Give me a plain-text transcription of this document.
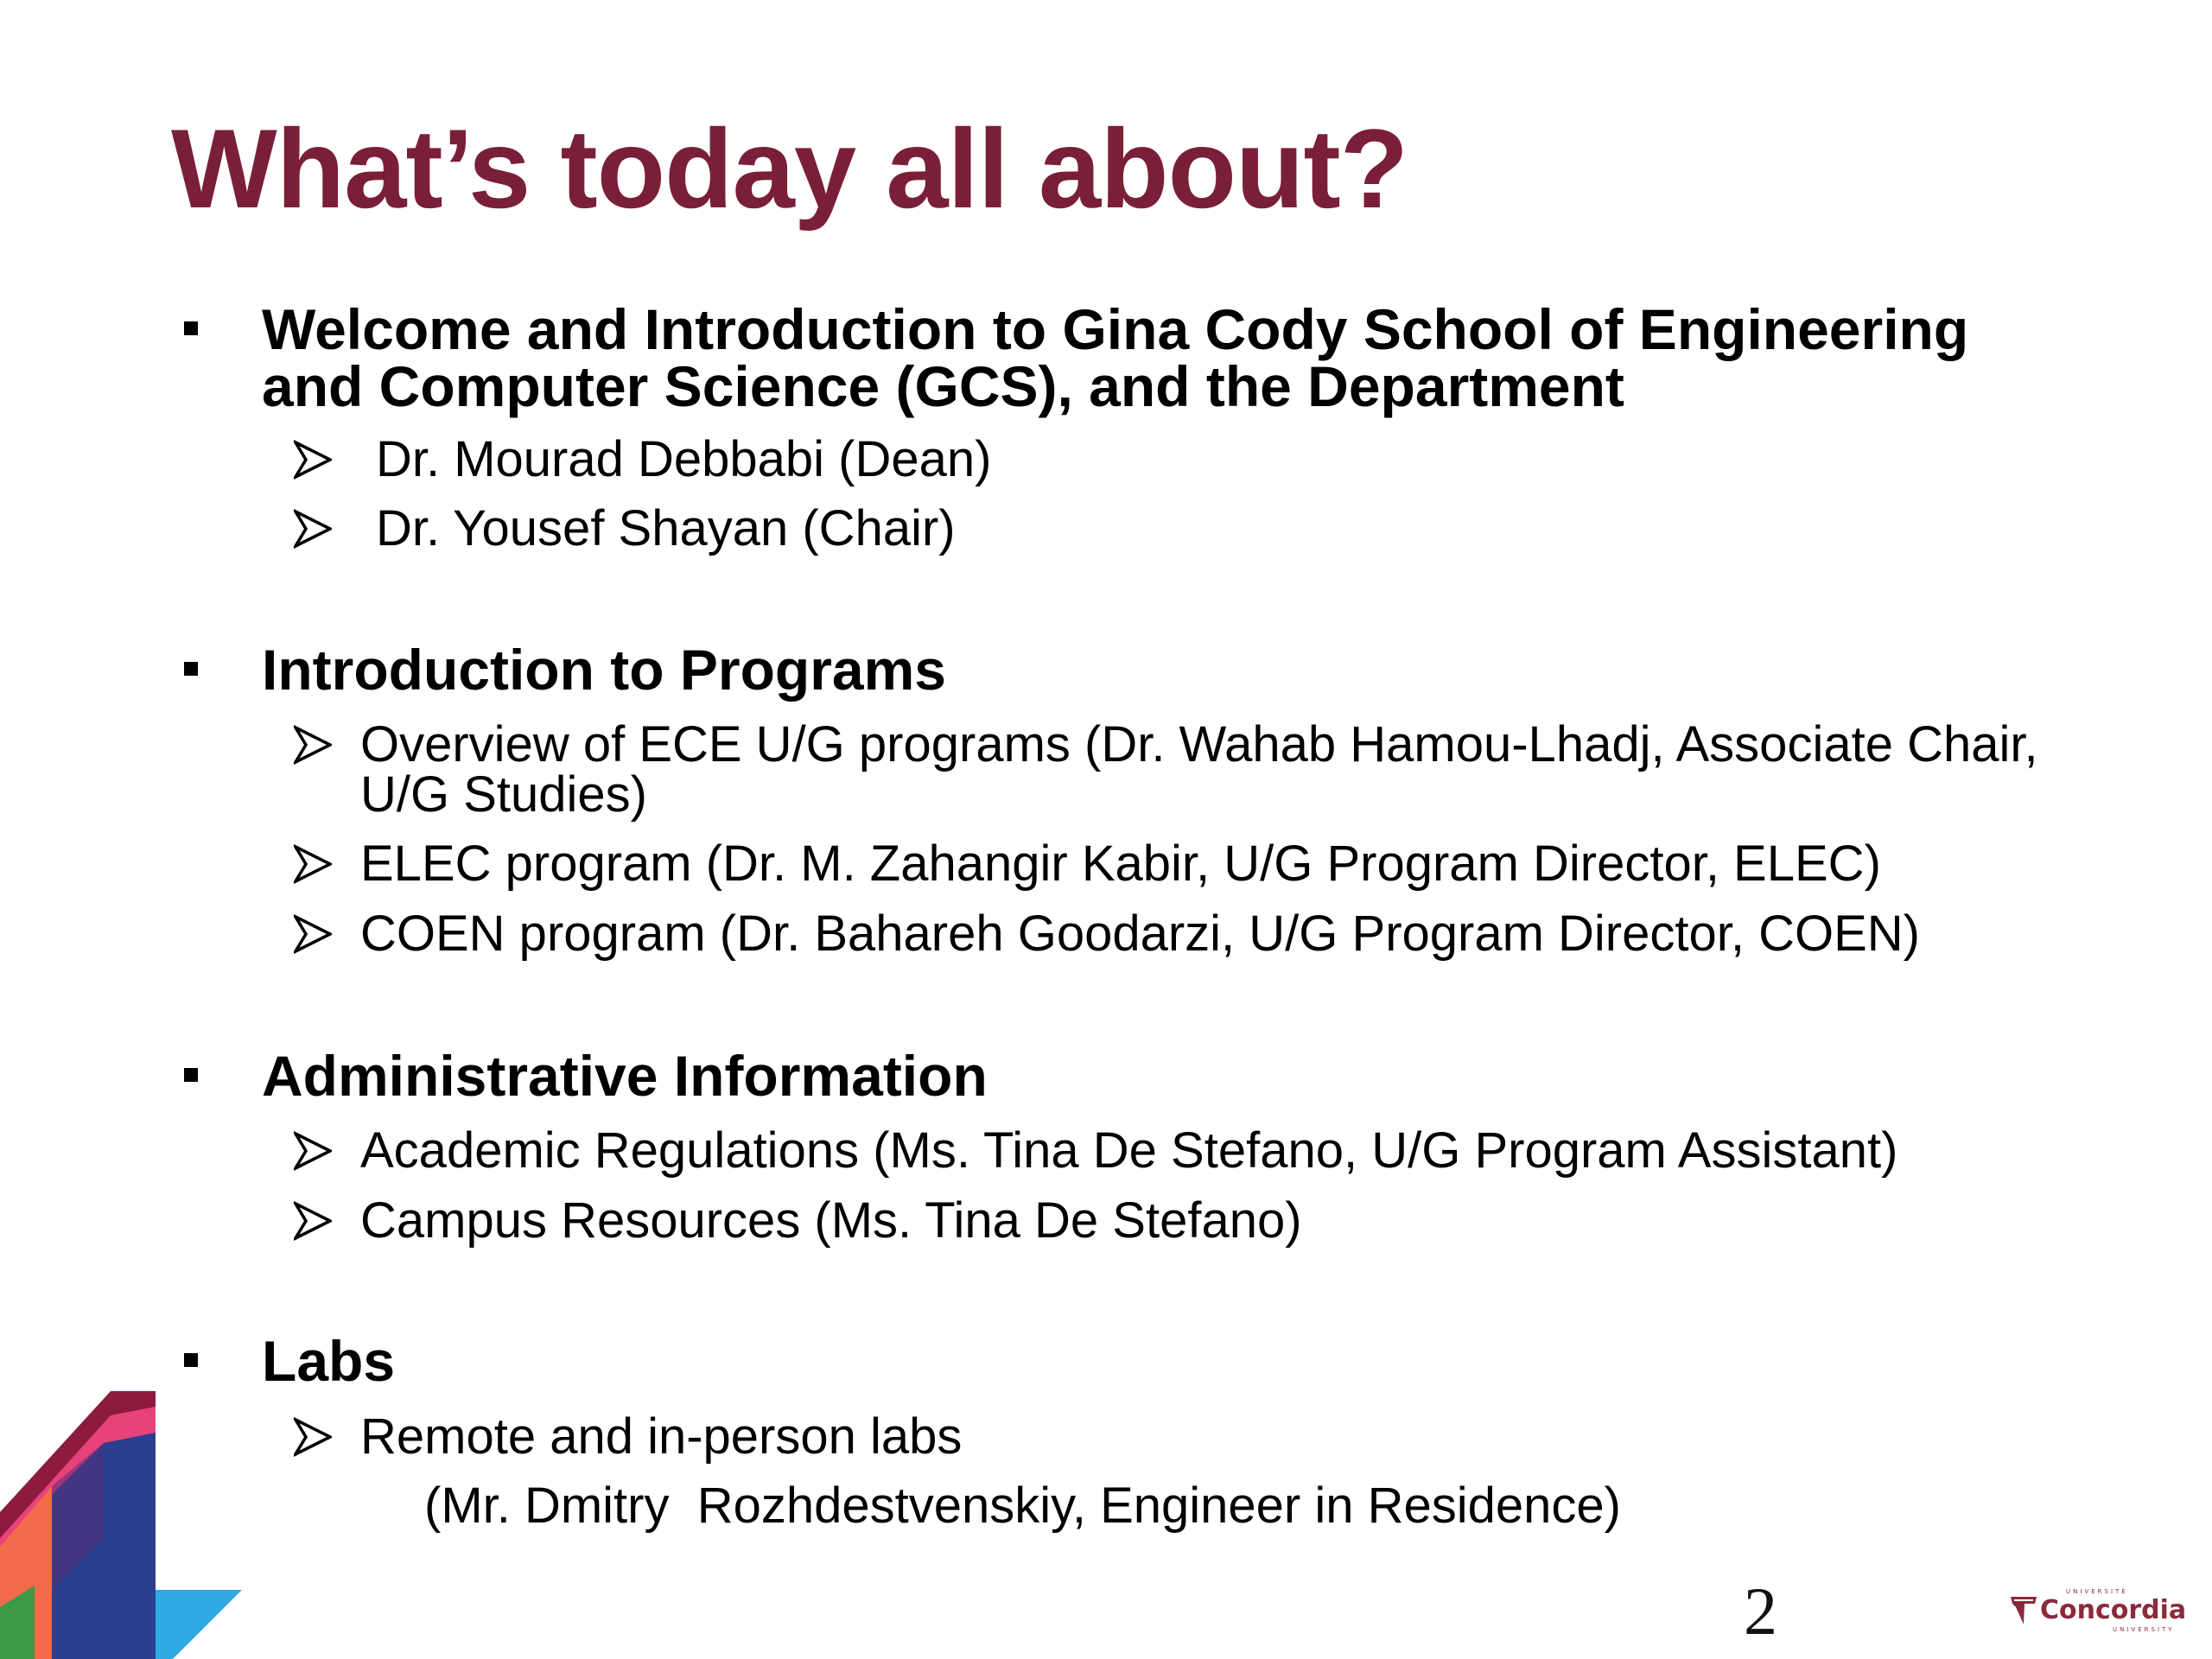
What’s today all about?

Welcome and Introduction to Gina Cody School of Engineering and Computer Science (GCS), and the Department

Dr. Mourad Debbabi (Dean)

Dr. Yousef Shayan (Chair)

Introduction to Programs

Overview of ECE U/G programs (Dr. Wahab Hamou-Lhadj, Associate Chair, U/G Studies)

ELEC program (Dr. M. Zahangir Kabir, U/G Program Director, ELEC)

COEN program (Dr. Bahareh Goodarzi, U/G Program Director, COEN)

Administrative Information

Academic Regulations (Ms. Tina De Stefano, U/G Program Assistant)

Campus Resources (Ms. Tina De Stefano)

Labs

Remote and in-person labs

(Mr. Dmitry  Rozhdestvenskiy, Engineer in Residence)

2	UNIVERSITÉ
Concordia
UNIVERSITY
